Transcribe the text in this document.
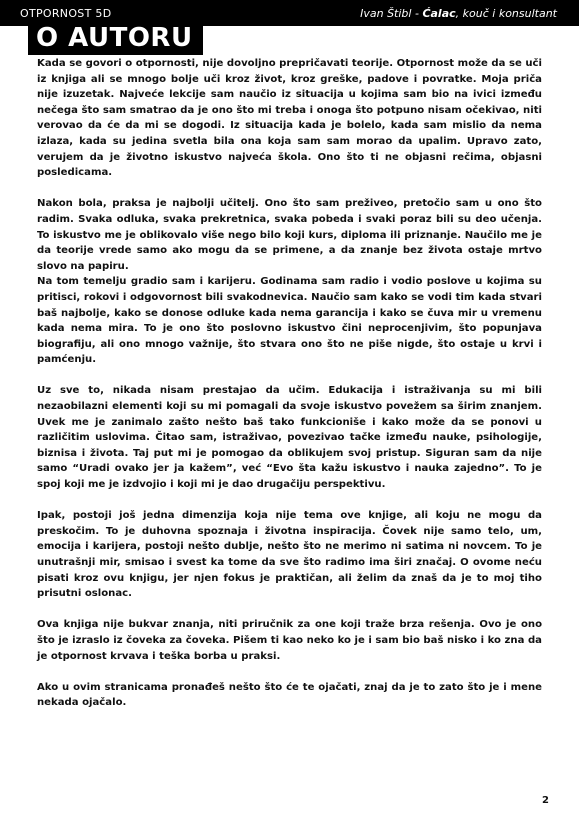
OTPORNOST 5D	Ivan Štibl - Ćalac, kouč i konsultant
O AUTORU

Kada se govori o otpornosti, nije dovoljno prepričavati teorije. Otpornost može da se uči iz knjiga ali se mnogo bolje uči kroz život, kroz greške, padove i povratke. Moja priča nije izuzetak. Najveće lekcije sam naučio iz situacija u kojima sam bio na ivici između nečega što sam smatrao da je ono što mi treba i onoga što potpuno nisam očekivao, niti verovao da će da mi se dogodi. Iz situacija kada je bolelo, kada sam mislio da nema izlaza, kada su jedina svetla bila ona koja sam sam morao da upalim. Upravo zato, verujem da je životno iskustvo najveća škola. Ono što ti ne objasni rečima, objasni posledicama.

Nakon bola, praksa je najbolji učitelj. Ono što sam preživeo, pretočio sam u ono što radim. Svaka odluka, svaka prekretnica, svaka pobeda i svaki poraz bili su deo učenja. To iskustvo me je oblikovalo više nego bilo koji kurs, diploma ili priznanje. Naučilo me je da teorije vrede samo ako mogu da se primene, a da znanje bez života ostaje mrtvo slovo na papiru.

Na tom temelju gradio sam i karijeru. Godinama sam radio i vodio poslove u kojima su pritisci, rokovi i odgovornost bili svakodnevica. Naučio sam kako se vodi tim kada stvari baš najbolje, kako se donose odluke kada nema garancija i kako se čuva mir u vremenu kada nema mira. To je ono što poslovno iskustvo čini neprocenjivim, što popunjava biografiju, ali ono mnogo važnije, što stvara ono što ne piše nigde, što ostaje u krvi i pamćenju.

Uz sve to, nikada nisam prestajao da učim. Edukacija i istraživanja su mi bili nezaobilazni elementi koji su mi pomagali da svoje iskustvo povežem sa širim znanjem. Uvek me je zanimalo zašto nešto baš tako funkcioniše i kako može da se ponovi u različitim uslovima. Čitao sam, istraživao, povezivao tačke između nauke, psihologije, biznisa i života. Taj put mi je pomogao da oblikujem svoj pristup. Siguran sam da nije samo “Uradi ovako jer ja kažem”, već “Evo šta kažu iskustvo i nauka zajedno”. To je spoj koji me je izdvojio i koji mi je dao drugačiju perspektivu.

Ipak, postoji još jedna dimenzija koja nije tema ove knjige, ali koju ne mogu da preskočim. To je duhovna spoznaja i životna inspiracija. Čovek nije samo telo, um, emocija i karijera, postoji nešto dublje, nešto što ne merimo ni satima ni novcem. To je unutrašnji mir, smisao i svest ka tome da sve što radimo ima širi značaj. O ovome neću pisati kroz ovu knjigu, jer njen fokus je praktičan, ali želim da znaš da je to moj tiho prisutni oslonac.

Ova knjiga nije bukvar znanja, niti priručnik za one koji traže brza rešenja. Ovo je ono što je izraslo iz čoveka za čoveka. Pišem ti kao neko ko je i sam bio baš nisko i ko zna da je otpornost krvava i teška borba u praksi.

Ako u ovim stranicama pronađeš nešto što će te ojačati, znaj da je to zato što je i mene nekada ojačalo.

2
